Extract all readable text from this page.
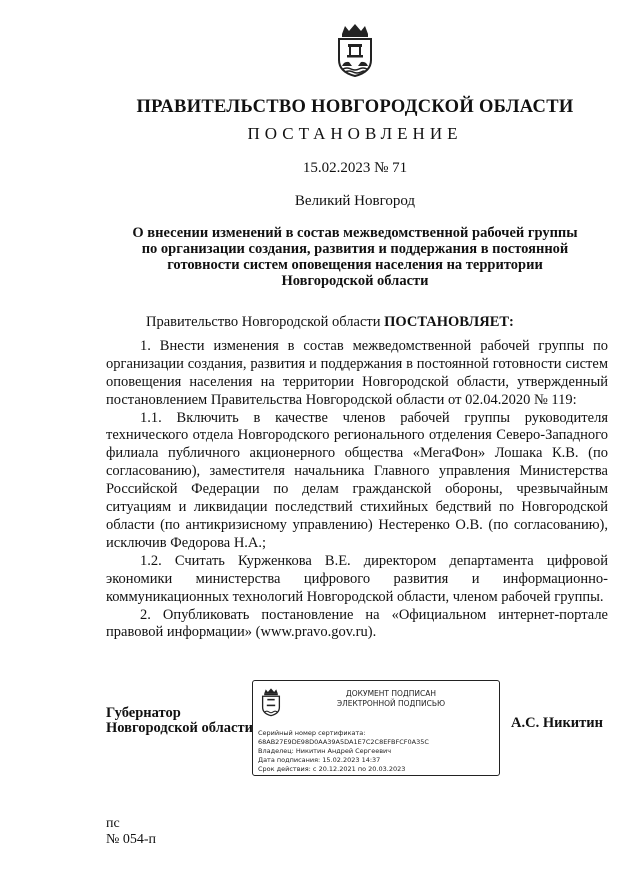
ПРАВИТЕЛЬСТВО НОВГОРОДСКОЙ ОБЛАСТИ
ПОСТАНОВЛЕНИЕ
15.02.2023 № 71
Великий Новгород
О внесении изменений в состав межведомственной рабочей группы по организации создания, развития и поддержания в постоянной готовности систем оповещения населения на территории Новгородской области

Правительство Новгородской области ПОСТАНОВЛЯЕТ:

1. Внести изменения в состав межведомственной рабочей группы по организации создания, развития и поддержания в постоянной готовности систем оповещения населения на территории Новгородской области, утвержденный постановлением Правительства Новгородской области от 02.04.2020 № 119:

1.1. Включить в качестве членов рабочей группы руководителя технического отдела Новгородского регионального отделения Северо-Западного филиала публичного акционерного общества «МегаФон» Лошака К.В. (по согласованию), заместителя начальника Главного управления Министерства Российской Федерации по делам гражданской обороны, чрезвычайным ситуациям и ликвидации последствий стихийных бедствий по Новгородской области (по антикризисному управлению) Нестеренко О.В. (по согласованию), исключив Федорова Н.А.;

1.2. Считать Курженкова В.Е. директором департамента цифровой экономики министерства цифрового развития и информационно-коммуникационных технологий Новгородской области, членом рабочей группы.

2. Опубликовать постановление на «Официальном интернет-портале правовой информации» (www.pravo.gov.ru).

Губернатор
Новгородской области
ДОКУМЕНТ ПОДПИСАН
ЭЛЕКТРОННОЙ ПОДПИСЬЮ
Серийный номер сертификата:
68AB27E9DE98D0AA39A5DA1E7C2C8EFBFCF0A35C
Владелец: Никитин Андрей Сергеевич
Дата подписания: 15.02.2023 14:37
Срок действия: с 20.12.2021 по 20.03.2023
А.С. Никитин
пс
№ 054-п
